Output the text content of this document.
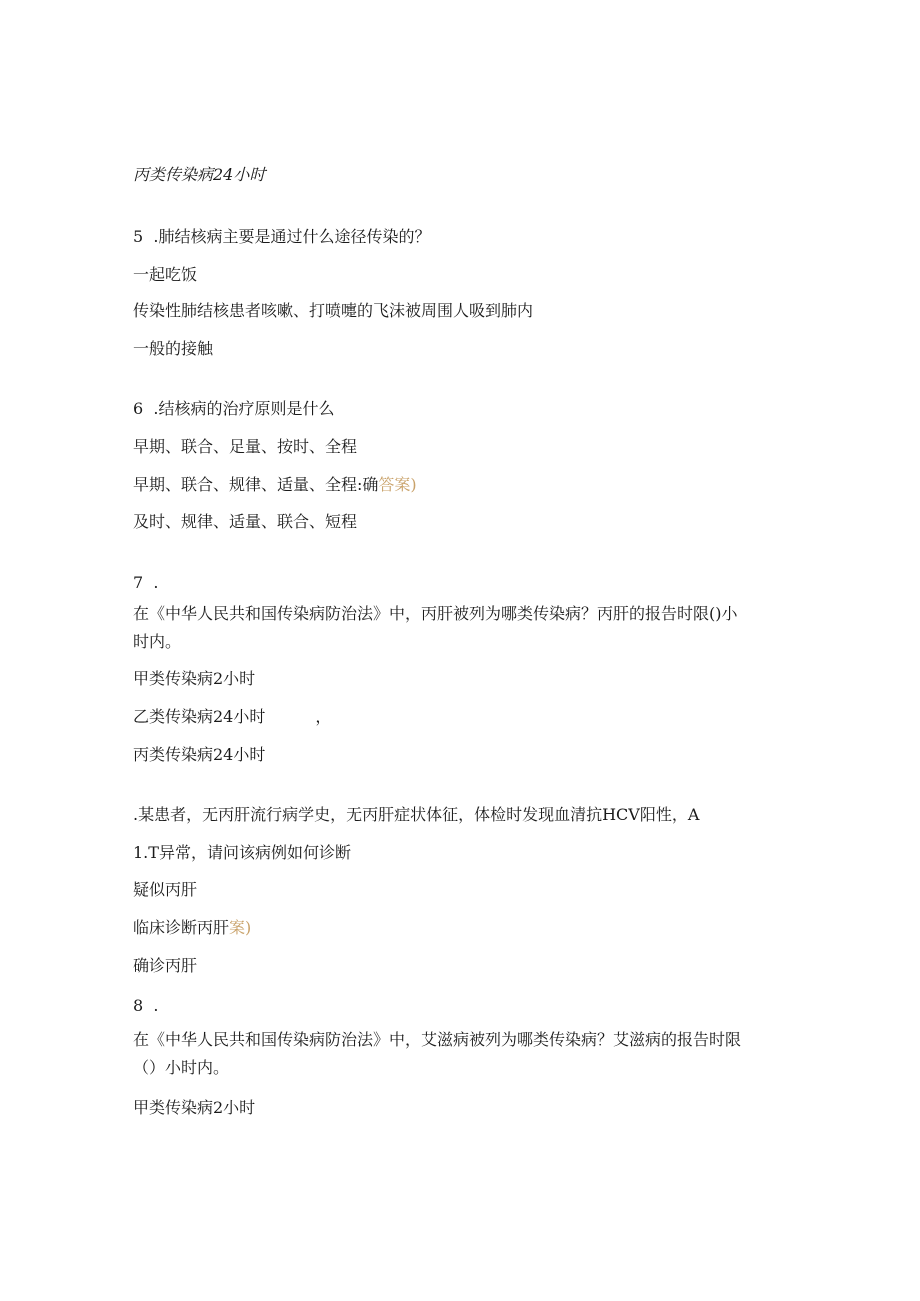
丙类传染病24小时
5  .肺结核病主要是通过什么途径传染的？
一起吃饭
传染性肺结核患者咳嗽、打喷嚏的飞沫被周围人吸到肺内
一般的接触
6  .结核病的治疗原则是什么
早期、联合、足量、按时、全程
早期、联合、规律、适量、全程:确答案)
及时、规律、适量、联合、短程
7  .
在《中华人民共和国传染病防治法》中，丙肝被列为哪类传染病？丙肝的报告时限()小
时内。
甲类传染病2小时
乙类传染病24小时	，
丙类传染病24小时
.某患者，无丙肝流行病学史，无丙肝症状体征，体检时发现血清抗HCV阳性，A
1.T异常，请问该病例如何诊断
疑似丙肝
临床诊断丙肝案)
确诊丙肝
8  .
在《中华人民共和国传染病防治法》中，艾滋病被列为哪类传染病？艾滋病的报告时限
（）小时内。
甲类传染病2小时
